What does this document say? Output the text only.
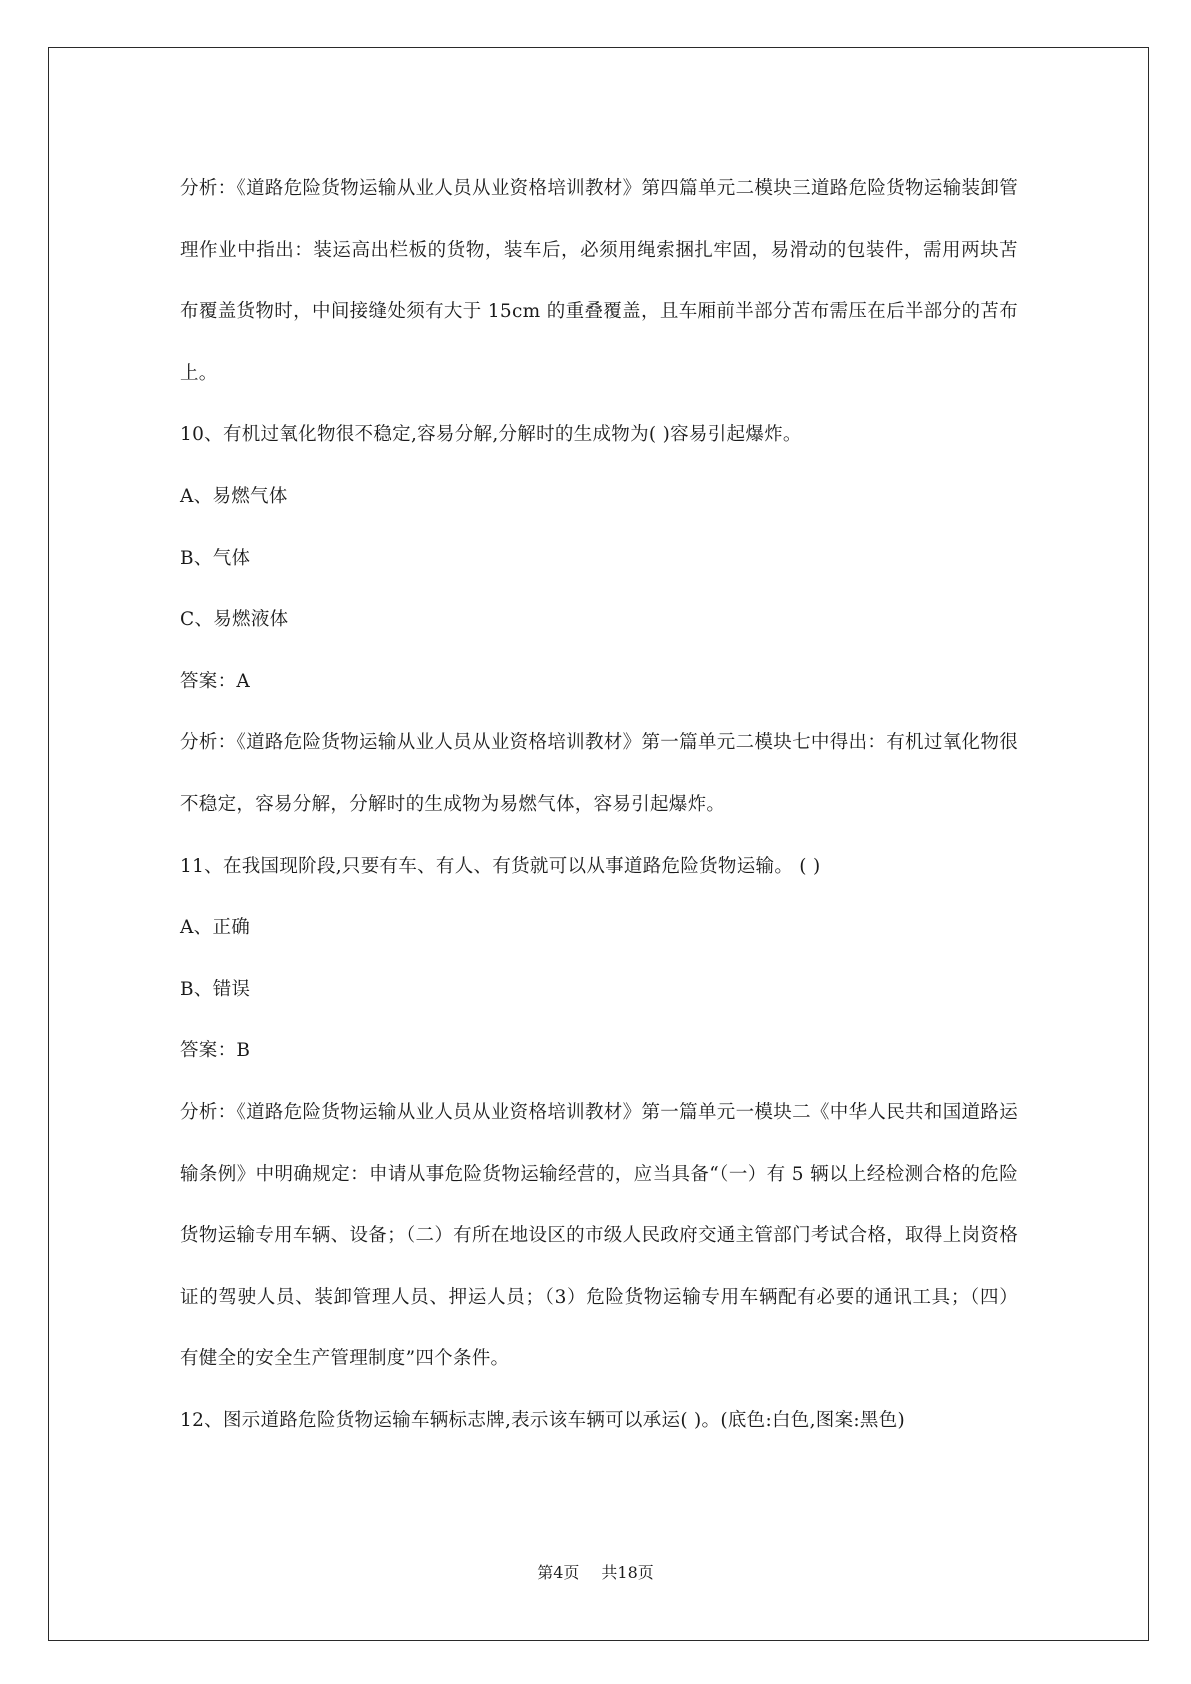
分析：《道路危险货物运输从业人员从业资格培训教材》第四篇单元二模块三道路危险货物运输装卸管理作业中指出：装运高出栏板的货物，装车后，必须用绳索捆扎牢固，易滑动的包装件，需用两块苫布覆盖货物时，中间接缝处须有大于 15cm 的重叠覆盖，且车厢前半部分苫布需压在后半部分的苫布上。

10、有机过氧化物很不稳定,容易分解,分解时的生成物为( )容易引起爆炸。

A、易燃气体

B、气体

C、易燃液体

答案：A

分析：《道路危险货物运输从业人员从业资格培训教材》第一篇单元二模块七中得出：有机过氧化物很不稳定，容易分解，分解时的生成物为易燃气体，容易引起爆炸。

11、在我国现阶段,只要有车、有人、有货就可以从事道路危险货物运输。 ( )

A、正确

B、错误

答案：B

分析：《道路危险货物运输从业人员从业资格培训教材》第一篇单元一模块二《中华人民共和国道路运输条例》中明确规定：申请从事危险货物运输经营的，应当具备“（一）有 5 辆以上经检测合格的危险货物运输专用车辆、设备；（二）有所在地设区的市级人民政府交通主管部门考试合格，取得上岗资格证的驾驶人员、装卸管理人员、押运人员；（3）危险货物运输专用车辆配有必要的通讯工具；（四）有健全的安全生产管理制度”四个条件。

12、图示道路危险货物运输车辆标志牌,表示该车辆可以承运( )。(底色:白色,图案:黑色)

第4页 共18页
